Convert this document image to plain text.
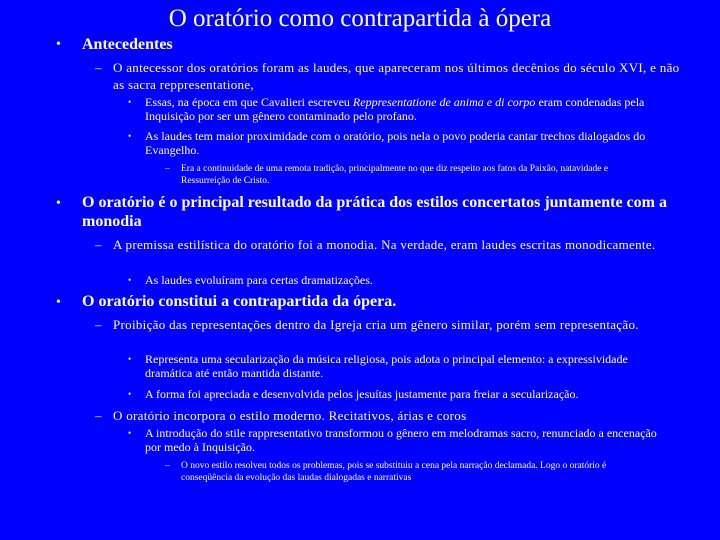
O oratório como contrapartida à ópera
• Antecedentes
– O antecessor dos oratórios foram as laudes, que apareceram nos últimos decênios do século XVI, e não as sacra reppresentatione,
• Essas, na época em que Cavalieri escreveu Reppresentatione de anima e di corpo eram condenadas pela Inquisição por ser um gênero contaminado pelo profano.
• As laudes tem maior proximidade com o oratório, pois nela o povo poderia cantar trechos dialogados do Evangelho.
– Era a continuidade de uma remota tradição, principalmente no que diz respeito aos fatos da Paixão, natavidade e Ressurreição de Cristo.
• O oratório é o principal resultado da prática dos estilos concertatos juntamente com a monodia
– A premissa estilística do oratório foi a monodia. Na verdade, eram laudes escritas monodicamente.
• As laudes evoluíram para certas dramatizações.
• O oratório constitui a contrapartida da ópera.
– Proibição das representações dentro da Igreja cria um gênero similar, porém sem representação.
• Representa uma secularização da música religiosa, pois adota o principal elemento: a expressividade dramática até então mantida distante.
• A forma foi apreciada e desenvolvida pelos jesuítas justamente para freiar a secularização.
– O oratório incorpora o estilo moderno. Recitativos, árias e coros
• A introdução do stile rappresentativo transformou o gênero em melodramas sacro, renunciado a encenação por medo à Inquisição.
– O novo estilo resolveu todos os problemas, pois se substituiu a cena pela narração declamada. Logo o oratório é conseqüência da evolução das laudas dialogadas e narrativas
